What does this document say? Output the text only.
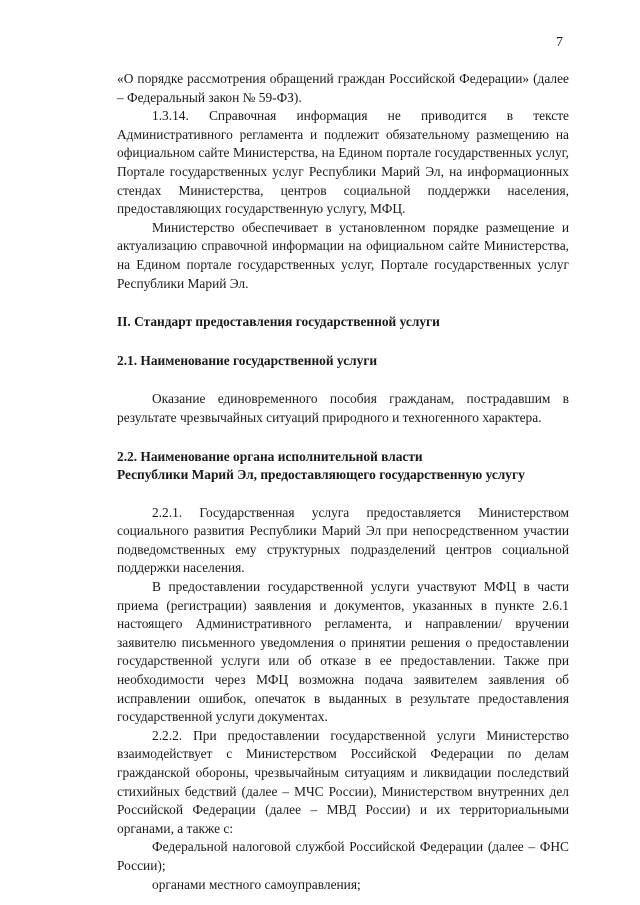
7

«О порядке рассмотрения обращений граждан Российской Федерации» (далее – Федеральный закон № 59-ФЗ).

1.3.14. Справочная информация не приводится в тексте Административного регламента и подлежит обязательному размещению на официальном сайте Министерства, на Едином портале государственных услуг, Портале государственных услуг Республики Марий Эл, на информационных стендах Министерства, центров социальной поддержки населения, предоставляющих государственную услугу, МФЦ.

Министерство обеспечивает в установленном порядке размещение и актуализацию справочной информации на официальном сайте Министерства, на Едином портале государственных услуг, Портале государственных услуг Республики Марий Эл.

II. Стандарт предоставления государственной услуги

2.1. Наименование государственной услуги

Оказание единовременного пособия гражданам, пострадавшим в результате чрезвычайных ситуаций природного и техногенного характера.

2.2. Наименование органа исполнительной власти

Республики Марий Эл, предоставляющего государственную услугу

2.2.1. Государственная услуга предоставляется Министерством социального развития Республики Марий Эл при непосредственном участии подведомственных ему структурных подразделений центров социальной поддержки населения.

В предоставлении государственной услуги участвуют МФЦ в части приема (регистрации) заявления и документов, указанных в пункте 2.6.1 настоящего Административного регламента, и направлении/ вручении заявителю письменного уведомления о принятии решения о предоставлении государственной услуги или об отказе в ее предоставлении. Также при необходимости через МФЦ возможна подача заявителем заявления об исправлении ошибок, опечаток в выданных в результате предоставления государственной услуги документах.

2.2.2. При предоставлении государственной услуги Министерство взаимодействует с Министерством Российской Федерации по делам гражданской обороны, чрезвычайным ситуациям и ликвидации последствий стихийных бедствий (далее – МЧС России), Министерством внутренних дел Российской Федерации (далее – МВД России) и их территориальными органами, а также с:

Федеральной налоговой службой Российской Федерации (далее – ФНС России);

органами местного самоуправления;
